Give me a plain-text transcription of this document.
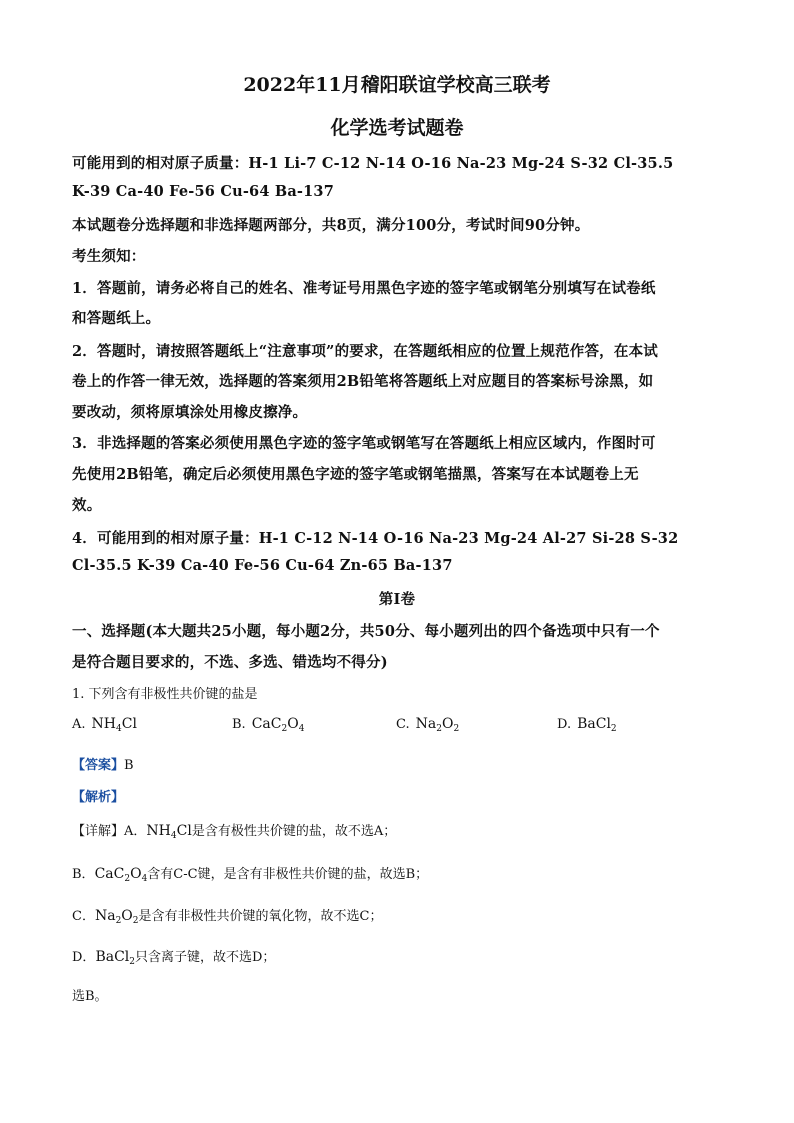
2022年11月稽阳联谊学校高三联考
化学选考试题卷
可能用到的相对原子质量：H-1 Li-7 C-12 N-14 O-16 Na-23 Mg-24 S-32 Cl-35.5
K-39 Ca-40 Fe-56 Cu-64 Ba-137
本试题卷分选择题和非选择题两部分，共8页，满分100分，考试时间90分钟。
考生须知：
1．答题前，请务必将自己的姓名、准考证号用黑色字迹的签字笔或钢笔分别填写在试卷纸
和答题纸上。
2．答题时，请按照答题纸上“注意事项”的要求，在答题纸相应的位置上规范作答，在本试
卷上的作答一律无效，选择题的答案须用2B铅笔将答题纸上对应题目的答案标号涂黑，如
要改动，须将原填涂处用橡皮擦净。
3．非选择题的答案必须使用黑色字迹的签字笔或钢笔写在答题纸上相应区域内，作图时可
先使用2B铅笔，确定后必须使用黑色字迹的签字笔或钢笔描黑，答案写在本试题卷上无
效。
4．可能用到的相对原子量：H-1 C-12 N-14 O-16 Na-23 Mg-24 Al-27 Si-28 S-32
Cl-35.5 K-39 Ca-40 Fe-56 Cu-64 Zn-65 Ba-137
第Ⅰ卷
一、选择题(本大题共25小题，每小题2分，共50分、每小题列出的四个备选项中只有一个
是符合题目要求的，不选、多选、错选均不得分)
1. 下列含有非极性共价键的盐是
A. $NH_4Cl$	B. $CaC_2O_4$	C. $Na_2O_2$	D. BaCl$_2$
【答案】B
【解析】
【详解】A．$NH_4Cl$是含有极性共价键的盐，故不选A；
B．$CaC_2O_4$含有C-C键，是含有非极性共价键的盐，故选B；
C．$Na_2O_2$是含有非极性共价键的氧化物，故不选C；
D．BaCl$_2$只含离子键，故不选D；
选B。
